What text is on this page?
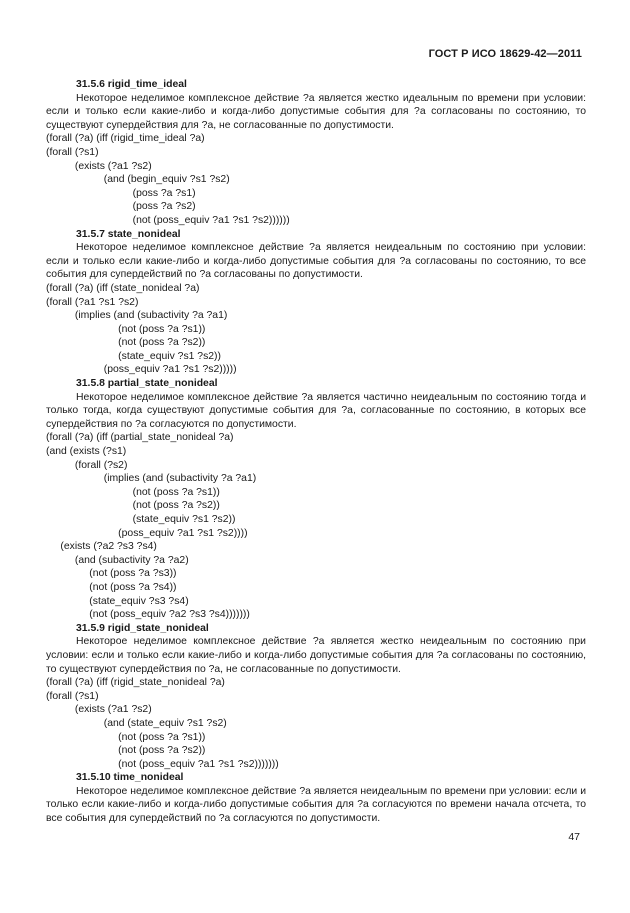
ГОСТ Р ИСО 18629-42—2011
31.5.6 rigid_time_ideal
Некоторое неделимое комплексное действие ?a является жестко идеальным по времени при условии: если и только если какие-либо и когда-либо допустимые события для ?a согласованы по состоянию, то существуют супердействия для ?a, не согласованные по допустимости.
(forall (?a) (iff (rigid_time_ideal ?a)
(forall (?s1)
(exists (?a1 ?s2)
(and (begin_equiv ?s1 ?s2)
(poss ?a ?s1)
(poss ?a ?s2)
(not (poss_equiv ?a1 ?s1 ?s2))))))
31.5.7 state_nonideal
Некоторое неделимое комплексное действие ?a является неидеальным по состоянию при условии: если и только если какие-либо и когда-либо допустимые события для ?a согласованы по состоянию, то все события для супердействий по ?a согласованы по допустимости.
(forall (?a) (iff (state_nonideal ?a)
(forall (?a1 ?s1 ?s2)
(implies (and (subactivity ?a ?a1)
(not (poss ?a ?s1))
(not (poss ?a ?s2))
(state_equiv ?s1 ?s2))
(poss_equiv ?a1 ?s1 ?s2)))))
31.5.8 partial_state_nonideal
Некоторое неделимое комплексное действие ?a является частично неидеальным по состоянию тогда и только тогда, когда существуют допустимые события для ?a, согласованные по состоянию, в которых все супердействия по ?a согласуются по допустимости.
(forall (?a) (iff (partial_state_nonideal ?a)
(and (exists (?s1)
(forall (?s2)
(implies (and (subactivity ?a ?a1)
(not (poss ?a ?s1))
(not (poss ?a ?s2))
(state_equiv ?s1 ?s2))
(poss_equiv ?a1 ?s1 ?s2))))
(exists (?a2 ?s3 ?s4)
(and (subactivity ?a ?a2)
(not (poss ?a ?s3))
(not (poss ?a ?s4))
(state_equiv ?s3 ?s4)
(not (poss_equiv ?a2 ?s3 ?s4)))))))
31.5.9 rigid_state_nonideal
Некоторое неделимое комплексное действие ?a является жестко неидеальным по состоянию при условии: если и только если какие-либо и когда-либо допустимые события для ?a согласованы по состоянию, то существуют супердействия по ?a, не согласованные по допустимости.
(forall (?a) (iff (rigid_state_nonideal ?a)
(forall (?s1)
(exists (?a1 ?s2)
(and (state_equiv ?s1 ?s2)
(not (poss ?a ?s1))
(not (poss ?a ?s2))
(not (poss_equiv ?a1 ?s1 ?s2)))))))
31.5.10 time_nonideal
Некоторое неделимое комплексное действие ?a является неидеальным по времени при условии: если и только если какие-либо и когда-либо допустимые события для ?a согласуются по времени начала отсчета, то все события для супердействий по ?a согласуются по допустимости.
47
